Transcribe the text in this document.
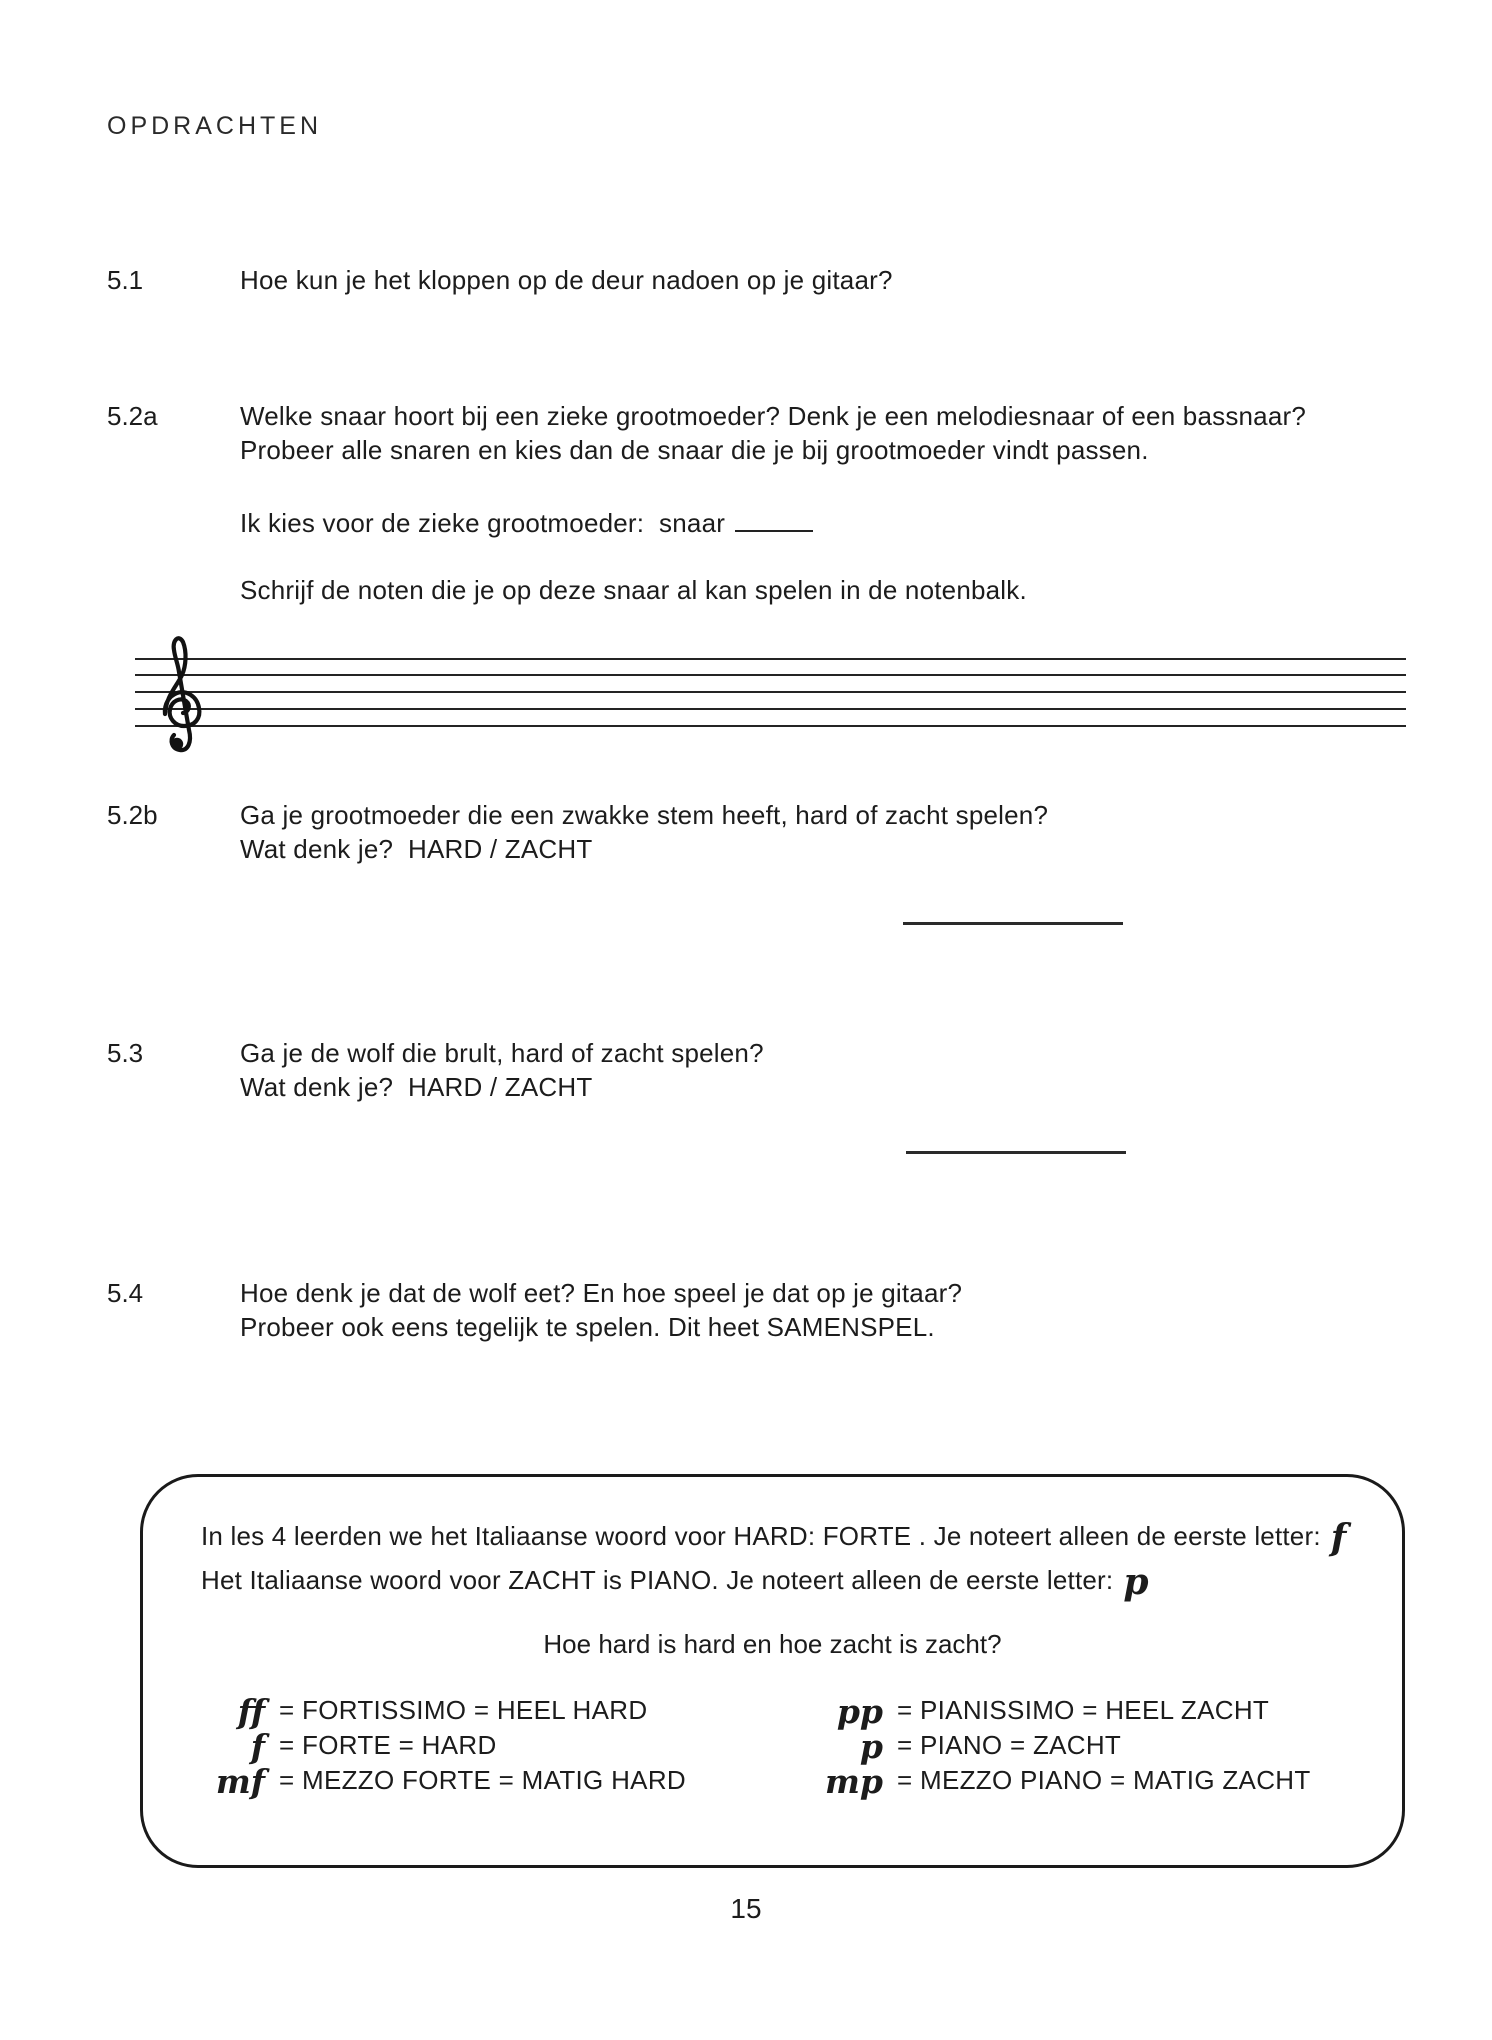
OPDRACHTEN
5.1	Hoe kun je het kloppen op de deur nadoen op je gitaar?
5.2a	Welke snaar hoort bij een zieke grootmoeder? Denk je een melodiesnaar of een bassnaar?
Probeer alle snaren en kies dan de snaar die je bij grootmoeder vindt passen.
Ik kies voor de zieke grootmoeder:  snaar
Schrijf de noten die je op deze snaar al kan spelen in de notenbalk.
5.2b	Ga je grootmoeder die een zwakke stem heeft, hard of zacht spelen?
Wat denk je?  HARD / ZACHT
5.3	Ga je de wolf die brult, hard of zacht spelen?
Wat denk je?  HARD / ZACHT
5.4	Hoe denk je dat de wolf eet? En hoe speel je dat op je gitaar?
Probeer ook eens tegelijk te spelen. Dit heet SAMENSPEL.
In les 4 leerden we het Italiaanse woord voor HARD: FORTE . Je noteert alleen de eerste letter: f
Het Italiaanse woord voor ZACHT is PIANO. Je noteert alleen de eerste letter: p
Hoe hard is hard en hoe zacht is zacht?
ff = FORTISSIMO = HEEL HARD
f = FORTE = HARD
mf = MEZZO FORTE = MATIG HARD
pp = PIANISSIMO = HEEL ZACHT
p = PIANO = ZACHT
mp = MEZZO PIANO = MATIG ZACHT
15
